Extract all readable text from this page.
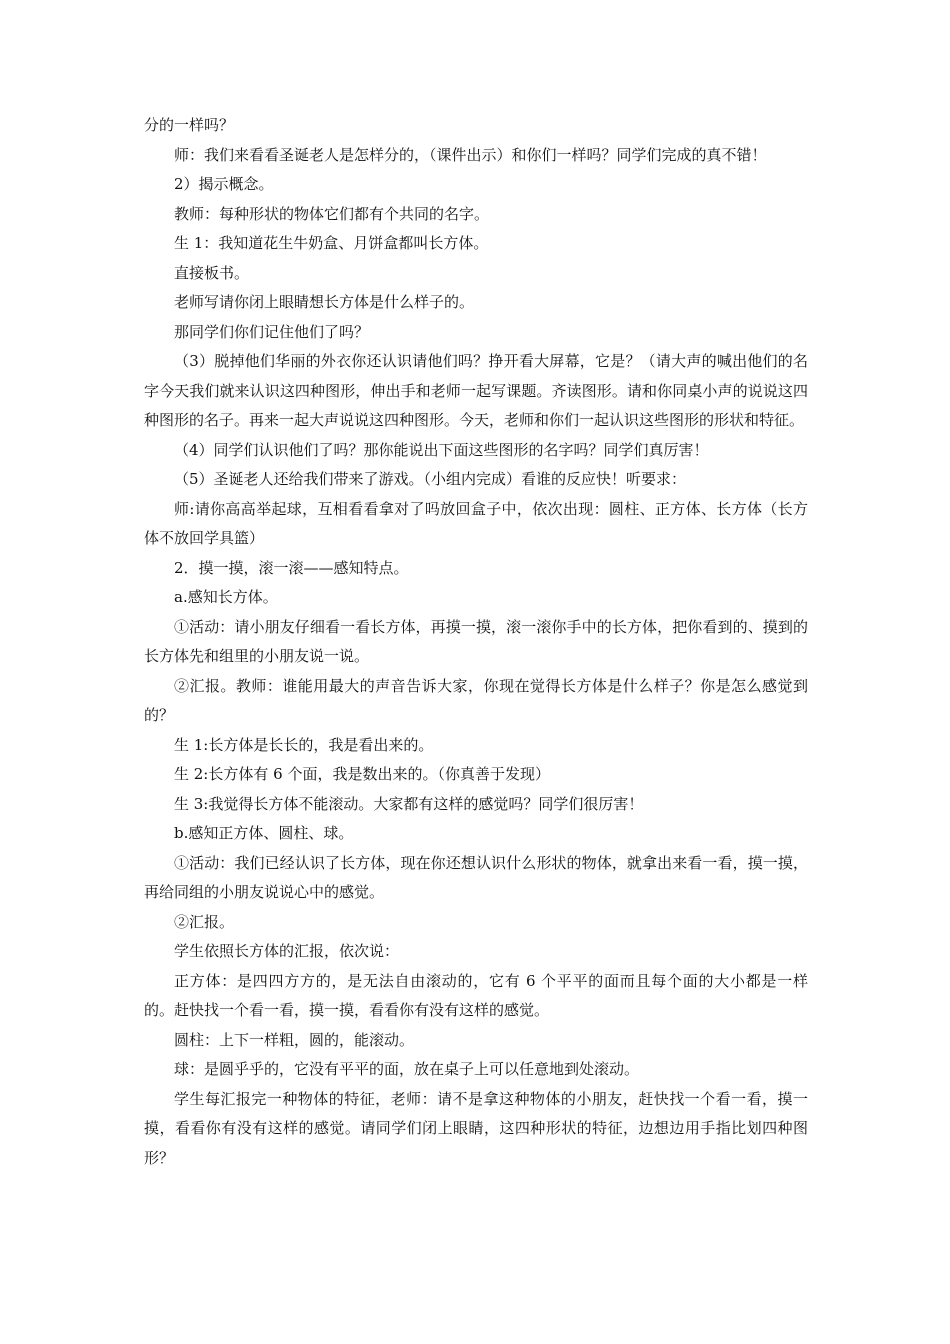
分的一样吗？

师：我们来看看圣诞老人是怎样分的，（课件出示）和你们一样吗？同学们完成的真不错！

2）揭示概念。

教师：每种形状的物体它们都有个共同的名字。

生 1：我知道花生牛奶盒、月饼盒都叫长方体。

直接板书。

老师写请你闭上眼睛想长方体是什么样子的。

那同学们你们记住他们了吗？

（3）脱掉他们华丽的外衣你还认识请他们吗？挣开看大屏幕，它是？（请大声的喊出他们的名字今天我们就来认识这四种图形，伸出手和老师一起写课题。齐读图形。请和你同桌小声的说说这四种图形的名子。再来一起大声说说这四种图形。今天，老师和你们一起认识这些图形的形状和特征。

（4）同学们认识他们了吗？那你能说出下面这些图形的名字吗？同学们真厉害！

（5）圣诞老人还给我们带来了游戏。（小组内完成）看谁的反应快！听要求：

师:请你高高举起球，互相看看拿对了吗放回盒子中，依次出现：圆柱、正方体、长方体（长方体不放回学具篮）

2．摸一摸，滚一滚——感知特点。

a.感知长方体。

①活动：请小朋友仔细看一看长方体，再摸一摸，滚一滚你手中的长方体，把你看到的、摸到的长方体先和组里的小朋友说一说。

②汇报。教师：谁能用最大的声音告诉大家，你现在觉得长方体是什么样子？你是怎么感觉到的？

生 1:长方体是长长的，我是看出来的。

生 2:长方体有 6 个面，我是数出来的。（你真善于发现）

生 3:我觉得长方体不能滚动。大家都有这样的感觉吗？同学们很厉害！

b.感知正方体、圆柱、球。

①活动：我们已经认识了长方体，现在你还想认识什么形状的物体，就拿出来看一看，摸一摸，再给同组的小朋友说说心中的感觉。

②汇报。

学生依照长方体的汇报，依次说：

正方体：是四四方方的，是无法自由滚动的，它有 6 个平平的面而且每个面的大小都是一样的。赶快找一个看一看，摸一摸，看看你有没有这样的感觉。

圆柱：上下一样粗，圆的，能滚动。

球：是圆乎乎的，它没有平平的面，放在桌子上可以任意地到处滚动。

学生每汇报完一种物体的特征，老师：请不是拿这种物体的小朋友，赶快找一个看一看，摸一摸，看看你有没有这样的感觉。请同学们闭上眼睛，这四种形状的特征，边想边用手指比划四种图形？
